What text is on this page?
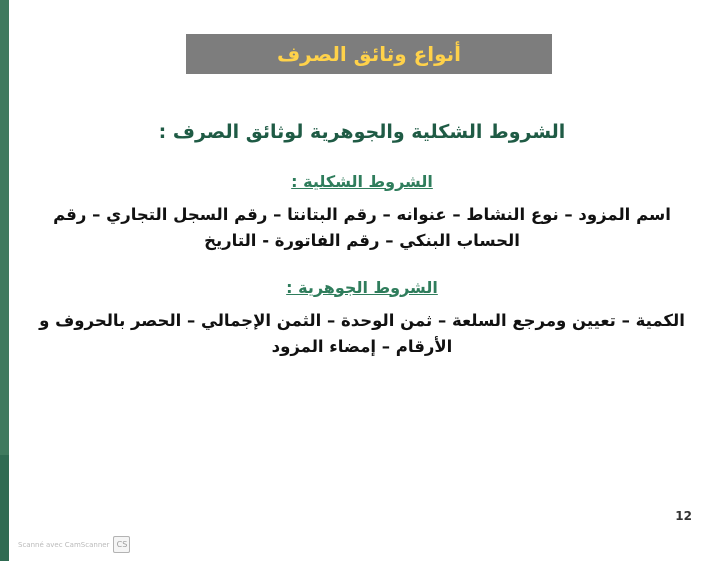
أنواع وثائق الصرف

الشروط الشكلية والجوهرية لوثائق الصرف :

الشروط الشكلية :

اسم المزود – نوع النشاط – عنوانه – رقم البتانتا – رقم السجل التجاري – رقم الحساب البنكي – رقم الفاتورة - التاريخ

الشروط الجوهرية :

الكمية – تعيين ومرجع السلعة – ثمن الوحدة – الثمن الإجمالي – الحصر بالحروف و الأرقام – إمضاء المزود

12
CS
Scanné avec CamScanner
